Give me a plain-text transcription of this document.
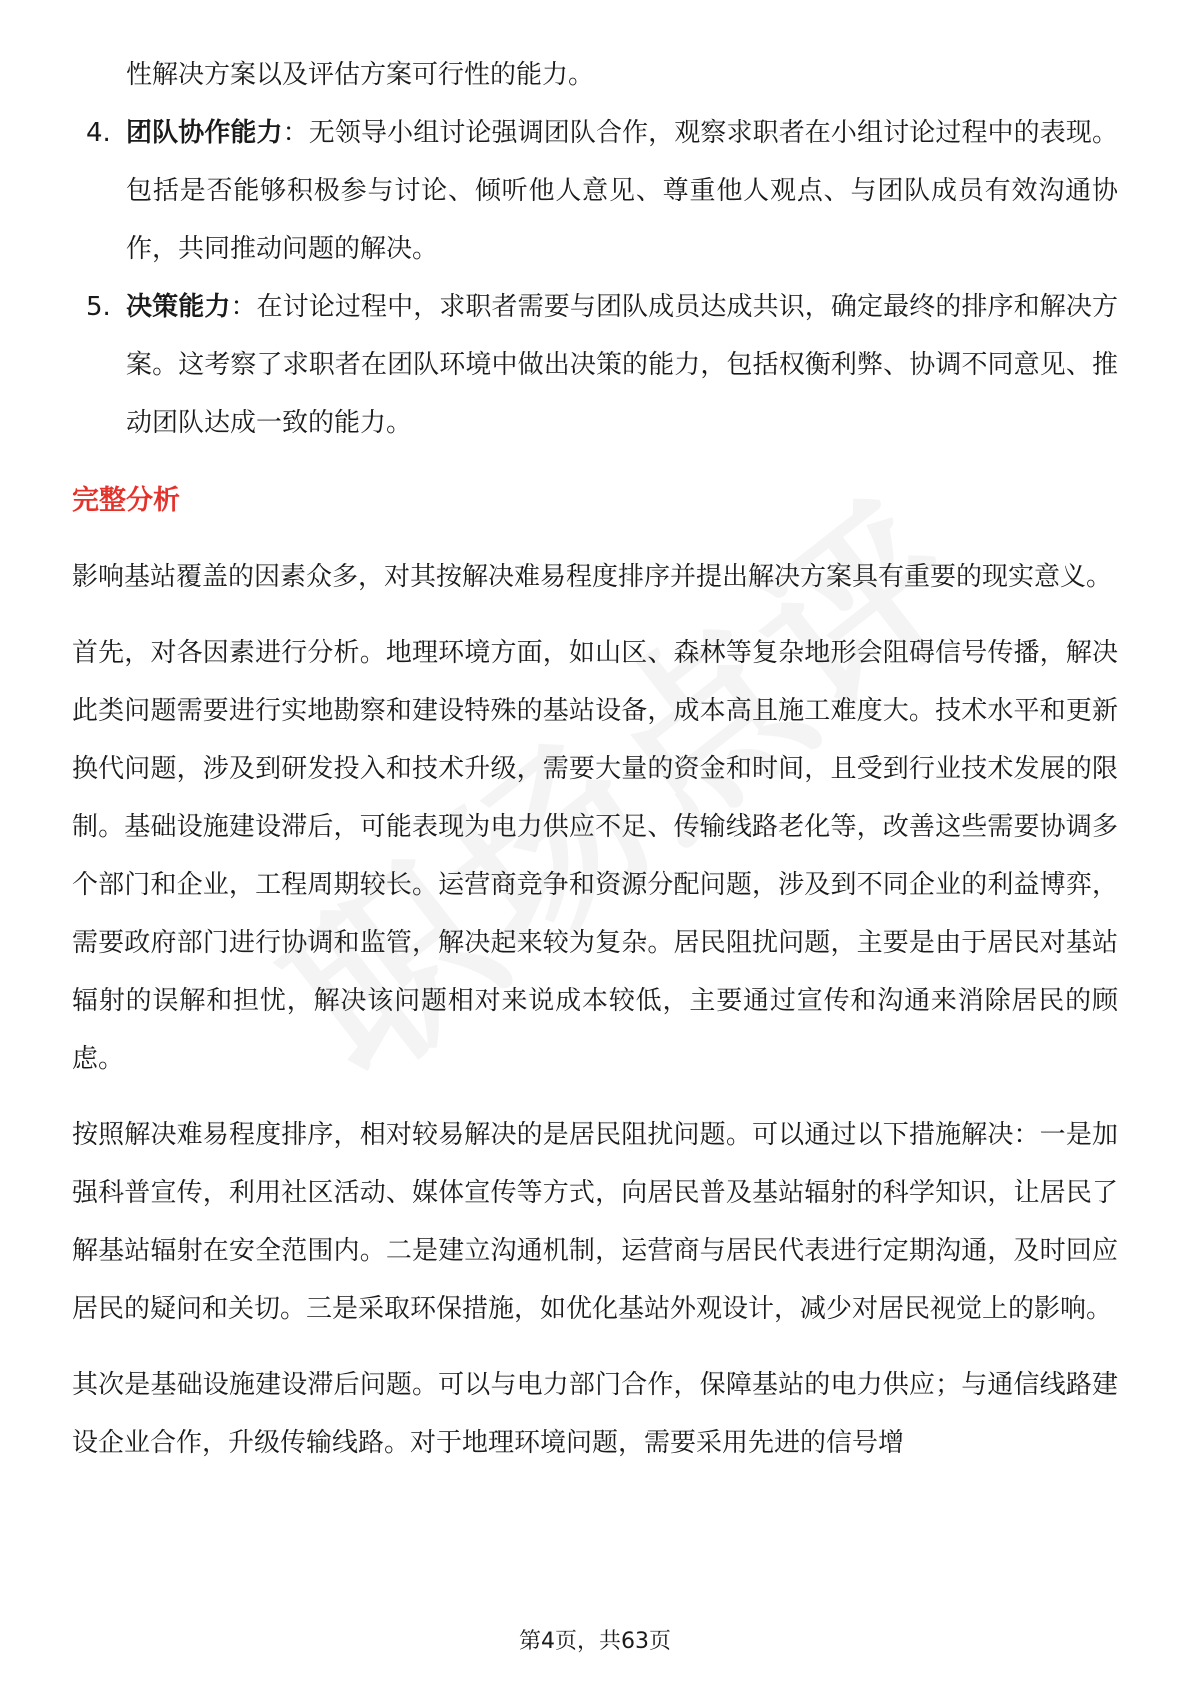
性解决方案以及评估方案可行性的能力。

4. 团队协作能力：无领导小组讨论强调团队合作，观察求职者在小组讨论过程中的表现。包括是否能够积极参与讨论、倾听他人意见、尊重他人观点、与团队成员有效沟通协作，共同推动问题的解决。
5. 决策能力：在讨论过程中，求职者需要与团队成员达成共识，确定最终的排序和解决方案。这考察了求职者在团队环境中做出决策的能力，包括权衡利弊、协调不同意见、推动团队达成一致的能力。
完整分析

影响基站覆盖的因素众多，对其按解决难易程度排序并提出解决方案具有重要的现实意义。

首先，对各因素进行分析。地理环境方面，如山区、森林等复杂地形会阻碍信号传播，解决此类问题需要进行实地勘察和建设特殊的基站设备，成本高且施工难度大。技术水平和更新换代问题，涉及到研发投入和技术升级，需要大量的资金和时间，且受到行业技术发展的限制。基础设施建设滞后，可能表现为电力供应不足、传输线路老化等，改善这些需要协调多个部门和企业，工程周期较长。运营商竞争和资源分配问题，涉及到不同企业的利益博弈，需要政府部门进行协调和监管，解决起来较为复杂。居民阻扰问题，主要是由于居民对基站辐射的误解和担忧，解决该问题相对来说成本较低，主要通过宣传和沟通来消除居民的顾虑。

按照解决难易程度排序，相对较易解决的是居民阻扰问题。可以通过以下措施解决：一是加强科普宣传，利用社区活动、媒体宣传等方式，向居民普及基站辐射的科学知识，让居民了解基站辐射在安全范围内。二是建立沟通机制，运营商与居民代表进行定期沟通，及时回应居民的疑问和关切。三是采取环保措施，如优化基站外观设计，减少对居民视觉上的影响。

其次是基础设施建设滞后问题。可以与电力部门合作，保障基站的电力供应；与通信线路建设企业合作，升级传输线路。对于地理环境问题，需要采用先进的信号增

第4页，共63页
